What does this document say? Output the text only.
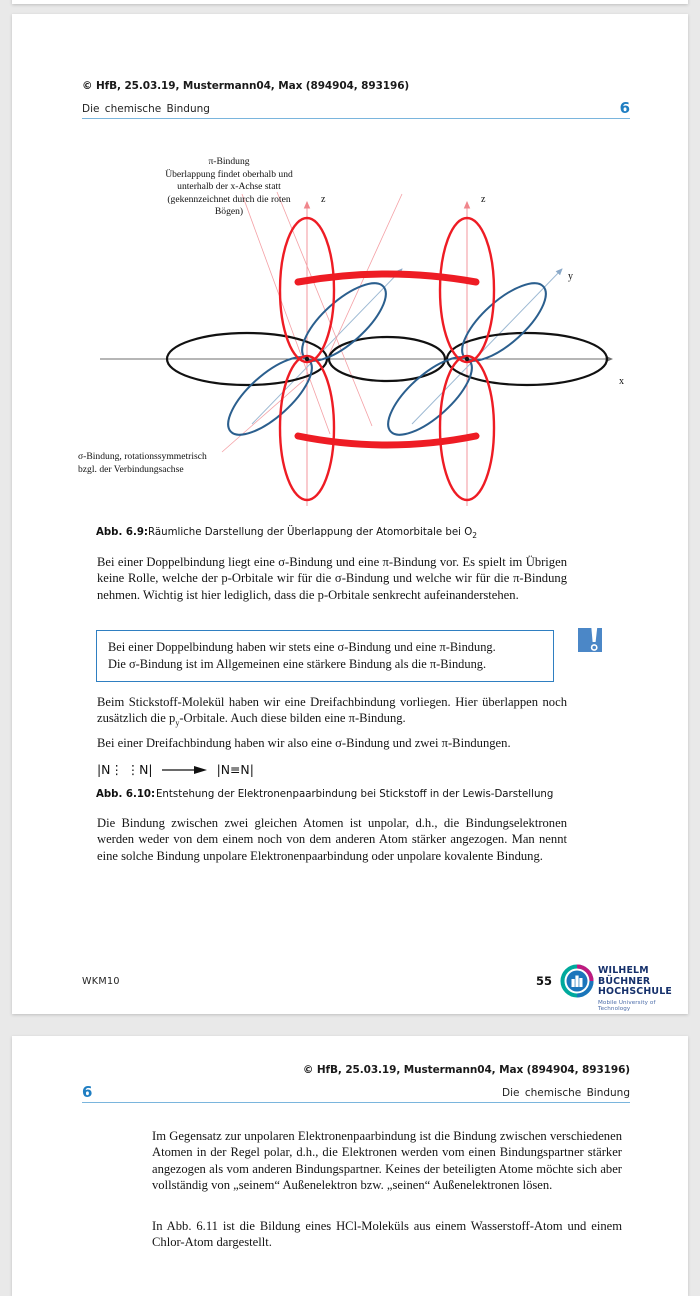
© HfB, 25.03.19, Mustermann04, Max (894904, 893196)
Die chemische Bindung	6
π-Bindung
Überlappung findet oberhalb und
unterhalb der x-Achse statt
(gekennzeichnet durch die roten
Bögen)
σ-Bindung, rotationssymmetrisch
bzgl. der Verbindungsachse
x
y
z	z
Abb. 6.9:Räumliche Darstellung der Überlappung der Atomorbitale bei $O_2$
Bei einer Doppelbindung liegt eine σ-Bindung und eine π-Bindung vor. Es spielt im Übrigen keine Rolle, welche der p-Orbitale wir für die σ-Bindung und welche wir für die π-Bindung nehmen. Wichtig ist hier lediglich, dass die p-Orbitale senkrecht aufeinanderstehen.

Bei einer Doppelbindung haben wir stets eine σ-Bindung und eine π-Bindung.

Die σ-Bindung ist im Allgemeinen eine stärkere Bindung als die π-Bindung.

Beim Stickstoff-Molekül haben wir eine Dreifachbindung vorliegen. Hier überlappen noch zusätzlich die $p_y$-Orbitale. Auch diese bilden eine π-Bindung.
Bei einer Dreifachbindung haben wir also eine σ-Bindung und zwei π-Bindungen.
|N⋮ ⋮N| → |N≡N|
Abb. 6.10:Entstehung der Elektronenpaarbindung bei Stickstoff in der Lewis-Darstellung
Die Bindung zwischen zwei gleichen Atomen ist unpolar, d.h., die Bindungselektronen werden weder von dem einem noch von dem anderen Atom stärker angezogen. Man nennt eine solche Bindung unpolare Elektronenpaarbindung oder unpolare kovalente Bindung.
WKM10	55
WILHELM BÜCHNER
HOCHSCHULE
Mobile University of Technology
© HfB, 25.03.19, Mustermann04, Max (894904, 893196)
6	Die chemische Bindung
Im Gegensatz zur unpolaren Elektronenpaarbindung ist die Bindung zwischen verschiedenen Atomen in der Regel polar, d.h., die Elektronen werden vom einen Bindungspartner stärker angezogen als vom anderen Bindungspartner. Keines der beteiligten Atome möchte sich aber vollständig von „seinem“ Außenelektron bzw. „seinen“ Außenelektronen lösen.
In Abb. 6.11 ist die Bildung eines HCl-Moleküls aus einem Wasserstoff-Atom und einem Chlor-Atom dargestellt.
